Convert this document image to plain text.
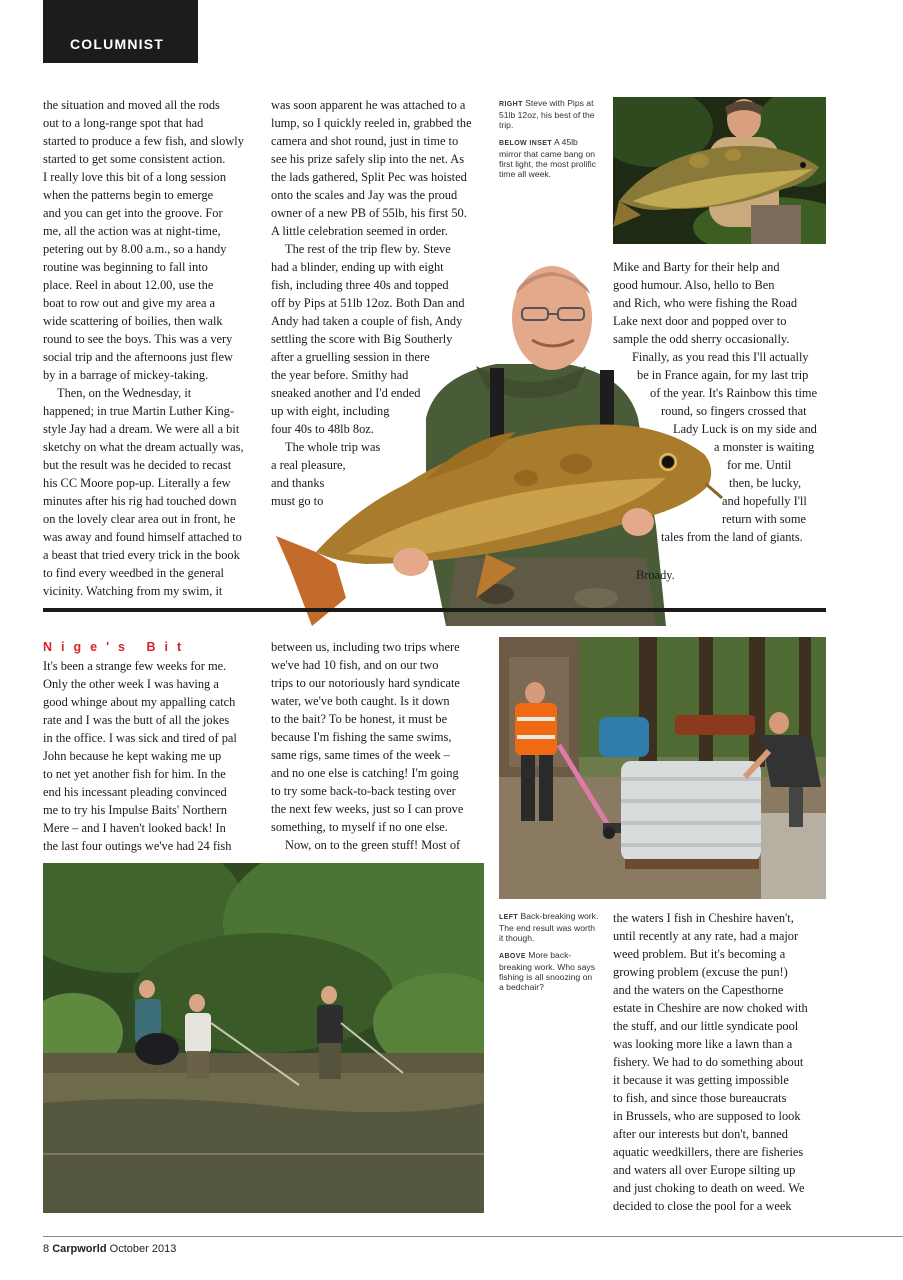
COLUMNIST
the situation and moved all the rods
out to a long-range spot that had
started to produce a few fish, and slowly
started to get some consistent action.
I really love this bit of a long session
when the patterns begin to emerge
and you can get into the groove. For
me, all the action was at night-time,
petering out by 8.00 a.m., so a handy
routine was beginning to fall into
place. Reel in about 12.00, use the
boat to row out and give my area a
wide scattering of boilies, then walk
round to see the boys. This was a very
social trip and the afternoons just flew
by in a barrage of mickey-taking.
Then, on the Wednesday, it
happened; in true Martin Luther King-
style Jay had a dream. We were all a bit
sketchy on what the dream actually was,
but the result was he decided to recast
his CC Moore pop-up. Literally a few
minutes after his rig had touched down
on the lovely clear area out in front, he
was away and found himself attached to
a beast that tried every trick in the book
to find every weedbed in the general
vicinity. Watching from my swim, it
was soon apparent he was attached to a
lump, so I quickly reeled in, grabbed the
camera and shot round, just in time to
see his prize safely slip into the net. As
the lads gathered, Split Pec was hoisted
onto the scales and Jay was the proud
owner of a new PB of 55lb, his first 50.
A little celebration seemed in order.
The rest of the trip flew by. Steve
had a blinder, ending up with eight
fish, including three 40s and topped
off by Pips at 51lb 12oz. Both Dan and
Andy had taken a couple of fish, Andy
settling the score with Big Southerly
after a gruelling session in there
the year before. Smithy had
sneaked another and I'd ended
up with eight, including
four 40s to 48lb 8oz.
The whole trip was
a real pleasure,
and thanks
must go to
RIGHT Steve with Pips at 51lb 12oz, his best of the trip.
BELOW INSET A 45lb mirror that came bang on first light, the most prolific time all week.
Mike and Barty for their help and
good humour. Also, hello to Ben
and Rich, who were fishing the Road
Lake next door and popped over to
sample the odd sherry occasionally.
Finally, as you read this I'll actually
be in France again, for my last trip
of the year. It's Rainbow this time
round, so fingers crossed that
Lady Luck is on my side and
a monster is waiting
for me. Until
then, be lucky,
and hopefully I'll
return with some
tales from the land of giants.
Broady.
Nige's Bit
It's been a strange few weeks for me.
Only the other week I was having a
good whinge about my appalling catch
rate and I was the butt of all the jokes
in the office. I was sick and tired of pal
John because he kept waking me up
to net yet another fish for him. In the
end his incessant pleading convinced
me to try his Impulse Baits' Northern
Mere – and I haven't looked back! In
the last four outings we've had 24 fish
between us, including two trips where
we've had 10 fish, and on our two
trips to our notoriously hard syndicate
water, we've both caught. Is it down
to the bait? To be honest, it must be
because I'm fishing the same swims,
same rigs, same times of the week –
and no one else is catching! I'm going
to try some back-to-back testing over
the next few weeks, just so I can prove
something, to myself if no one else.
Now, on to the green stuff! Most of
LEFT Back-breaking work. The end result was worth it though.
ABOVE More back-breaking work. Who says fishing is all snoozing on a bedchair?
the waters I fish in Cheshire haven't,
until recently at any rate, had a major
weed problem. But it's becoming a
growing problem (excuse the pun!)
and the waters on the Capesthorne
estate in Cheshire are now choked with
the stuff, and our little syndicate pool
was looking more like a lawn than a
fishery. We had to do something about
it because it was getting impossible
to fish, and since those bureaucrats
in Brussels, who are supposed to look
after our interests but don't, banned
aquatic weedkillers, there are fisheries
and waters all over Europe silting up
and just choking to death on weed. We
decided to close the pool for a week
8 Carpworld October 2013
